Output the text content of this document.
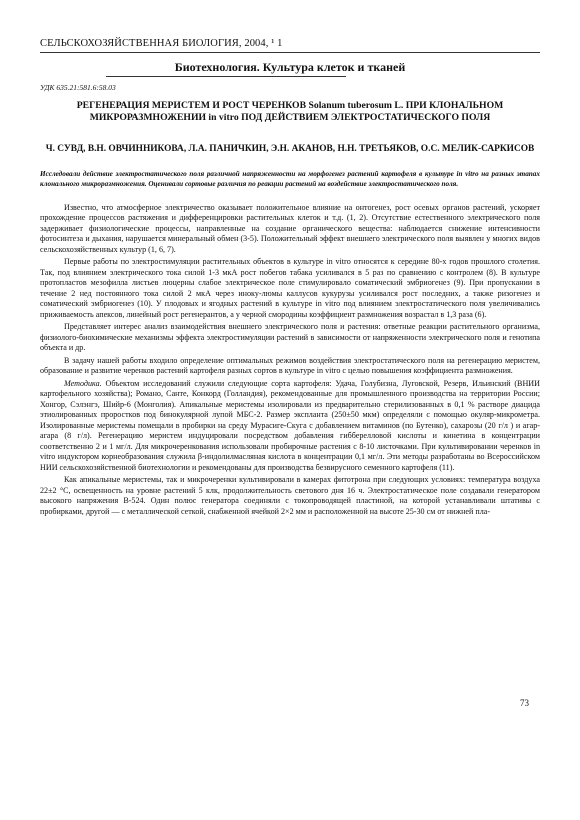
СЕЛЬСКОХОЗЯЙСТВЕННАЯ БИОЛОГИЯ, 2004, ¹ 1
Биотехнология. Культура клеток и тканей
УДК 635.21:581.6:58.03
РЕГЕНЕРАЦИЯ МЕРИСТЕМ И РОСТ ЧЕРЕНКОВ Solanum tuberosum L. ПРИ КЛОНАЛЬНОМ МИКРОРАЗМНОЖЕНИИ in vitro ПОД ДЕЙСТВИЕМ ЭЛЕКТРОСТАТИЧЕСКОГО ПОЛЯ
Ч. СУВД, В.Н. ОВЧИННИКОВА, Л.А. ПАНИЧКИН, Э.Н. АКАНОВ, Н.Н. ТРЕТЬЯКОВ, О.С. МЕЛИК-САРКИСОВ
Исследовали действие электростатического поля различной напряженности на морфогенез растений картофеля в культуре in vitro на разных этапах клонального микроразмножения. Оценивали сортовые различия по реакции растений на воздействие электростатического поля.

Известно, что атмосферное электричество оказывает положительное влияние на онтогенез, рост осевых органов растений, ускоряет прохождение процессов растяжения и дифференцировки растительных клеток и т.д. (1, 2). Отсутствие естественного электрического поля задерживает физиологические процессы, направленные на создание органического вещества: наблюдается снижение интенсивности фотосинтеза и дыхания, нарушается минеральный обмен (3-5). Положительный эффект внешнего электрического поля выявлен у многих видов сельскохозяйственных культур (1, 6, 7).

Первые работы по электростимуляции растительных объектов в культуре in vitro относятся к середине 80-х годов прошлого столетия. Так, под влиянием электрического тока силой 1-3 мкА рост побегов табака усиливался в 5 раз по сравнению с контролем (8). В культуре протопластов мезофилла листьев люцерны слабое электрическое поле стимулировало соматический эмбриогенез (9). При пропускании в течение 2 нед постоянного тока силой 2 мкА через иноку-люмы каллусов кукурузы усиливался рост последних, а также ризогенез и соматический эмбриогенез (10). У плодовых и ягодных растений в культуре in vitro под влиянием электростатического поля увеличивались приживаемость апексов, линейный рост регенерантов, а у черной смородины коэффициент размножения возрастал в 1,3 раза (6).

Представляет интерес анализ взаимодействия внешнего электрического поля и растения: ответные реакции растительного организма, физиолого-биохимические механизмы эффекта электростимуляции растений в зависимости от напряженности электрического поля и генотипа объекта и др.

В задачу нашей работы входило определение оптимальных режимов воздействия электростатического поля на регенерацию меристем, образование и развитие черенков растений картофеля разных сортов в культуре in vitro с целью повышения коэффициента размножения.

Методика. Объектом исследований служили следующие сорта картофеля: Удача, Голубизна, Луговской, Резерв, Ильинский (ВНИИ картофельного хозяйства); Романо, Санте, Конкорд (Голландия), рекомендованные для промышленного производства на территории России; Хонгор, Сэлэнгэ, Шийр-6 (Монголия). Апикальные меристемы изолировали из предварительно стерилизованных в 0,1 % растворе диацида этиолированных проростков под бинокулярной лупой МБС-2. Размер эксплантa (250±50 мкм) определяли с помощью окуляр-микрометра. Изолированные меристемы помещали в пробирки на среду Мурасиге-Скуга с добавлением витаминов (по Бутенко), сахарозы (20 г/л ) и агар-агара (8 г/л). Регенерацию меристем индуцировали посредством добавления гибберелловой кислоты и кинетина в концентрации соответственно 2 и 1 мг/л. Для микрочеренкования использовали пробирочные растения с 8-10 листочками. При культивировании черенков in vitro индуктором корнеобразования служила β-индолилмасляная кислота в концентрации 0,1 мг/л. Эти методы разработаны во Всероссийском НИИ сельскохозяйственной биотехнологии и рекомендованы для производства безвирусного семенного картофеля (11).

Как апикальные меристемы, так и микрочеренки культивировали в камерах фитотрона при следующих условиях: температура воздуха 22±2 °С, освещенность на уровне растений 5 клк, продолжительность светового дня 16 ч. Электростатическое поле создавали генератором высокого напряжения В-524. Один полюс генератора соединяли с токопроводящей пластиной, на которой устанавливали штативы с пробирками, другой — с металлической сеткой, снабженной ячейкой 2×2 мм и расположенной на высоте 25-30 см от нижней пла-

73
